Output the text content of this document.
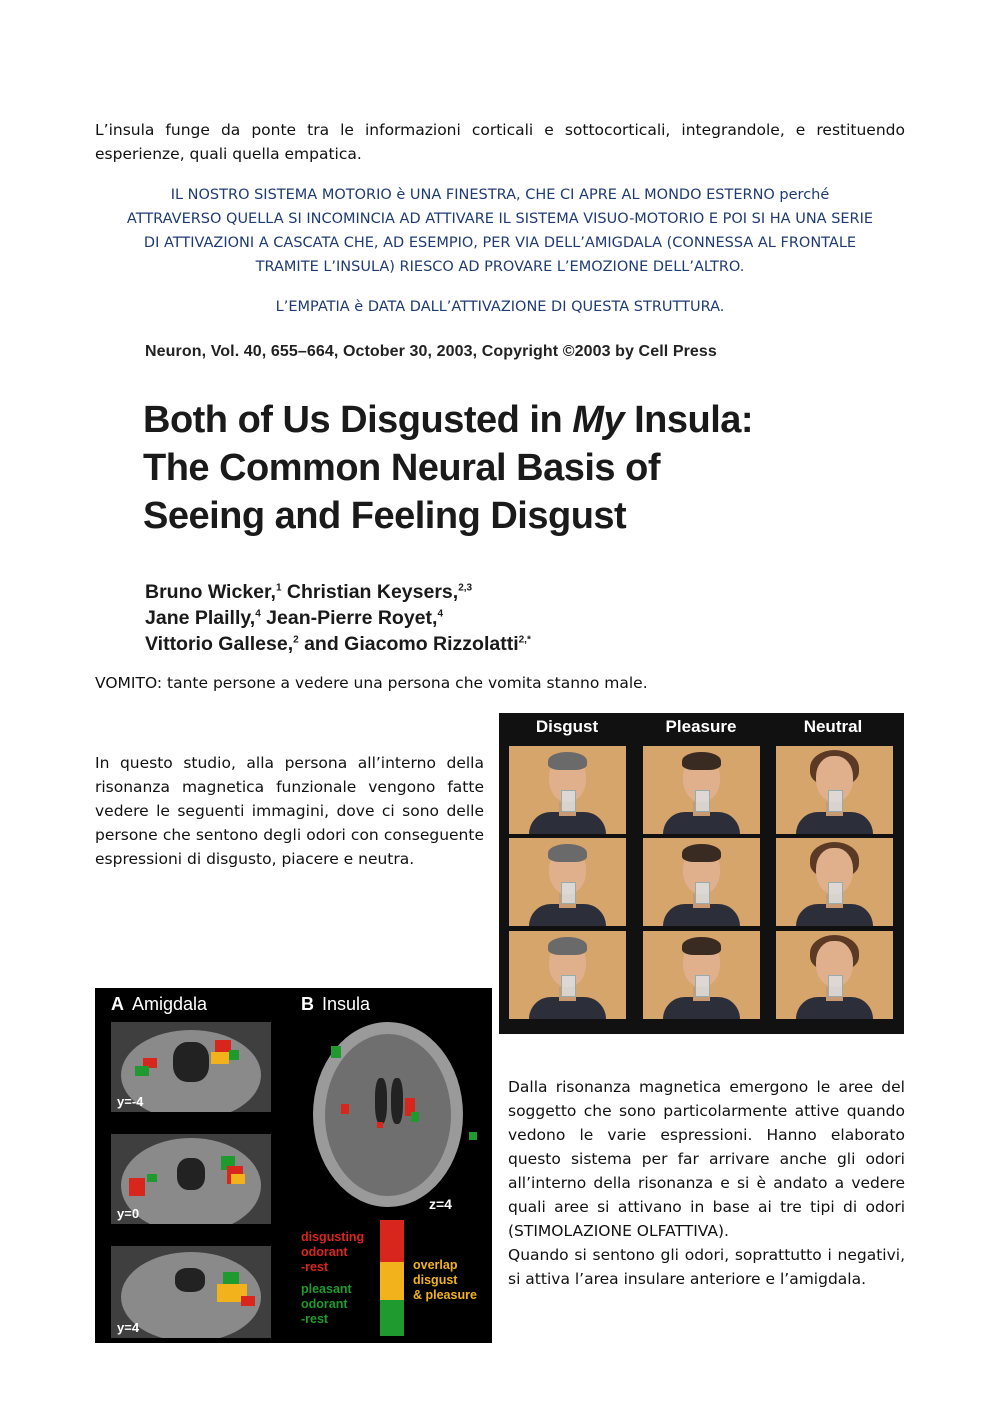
L’insula funge da ponte tra le informazioni corticali e sottocorticali, integrandole, e restituendo esperienze, quali quella empatica.
IL NOSTRO SISTEMA MOTORIO è UNA FINESTRA, CHE CI APRE AL MONDO ESTERNO perché
ATTRAVERSO QUELLA SI INCOMINCIA AD ATTIVARE IL SISTEMA VISUO-MOTORIO E POI SI HA UNA SERIE
DI ATTIVAZIONI A CASCATA CHE, AD ESEMPIO, PER VIA DELL’AMIGDALA (CONNESSA AL FRONTALE
TRAMITE L’INSULA) RIESCO AD PROVARE L’EMOZIONE DELL’ALTRO.
L’EMPATIA è DATA DALL’ATTIVAZIONE DI QUESTA STRUTTURA.
Neuron, Vol. 40, 655–664, October 30, 2003, Copyright ©2003 by Cell Press
Both of Us Disgusted in My Insula:
The Common Neural Basis of
Seeing and Feeling Disgust
Bruno Wicker,$^1$ Christian Keysers,$^{2,3}$
Jane Plailly,$^4$ Jean-Pierre Royet,$^4$
Vittorio Gallese,$^2$ and Giacomo Rizzolatti$^{2,*}$
VOMITO: tante persone a vedere una persona che vomita stanno male.
In questo studio, alla persona all’interno della risonanza magnetica funzionale vengono fatte vedere le seguenti immagini, dove ci sono delle persone che sentono degli odori con conseguente espressioni di disgusto, piacere e neutra.
Disgust	Pleasure	Neutral
A Amigdala	B Insula
y=-4
y=0
y=4
z=4
disgusting
odorant
-rest
pleasant
odorant
-rest
overlap
disgust
& pleasure
Dalla risonanza magnetica emergono le aree del soggetto che sono particolarmente attive quando vedono le varie espressioni. Hanno elaborato questo sistema per far arrivare anche gli odori all’interno della risonanza e si è andato a vedere quali aree si attivano in base ai tre tipi di odori (STIMOLAZIONE OLFATTIVA).
Quando si sentono gli odori, soprattutto i negativi, si attiva l’area insulare anteriore e l’amigdala.
